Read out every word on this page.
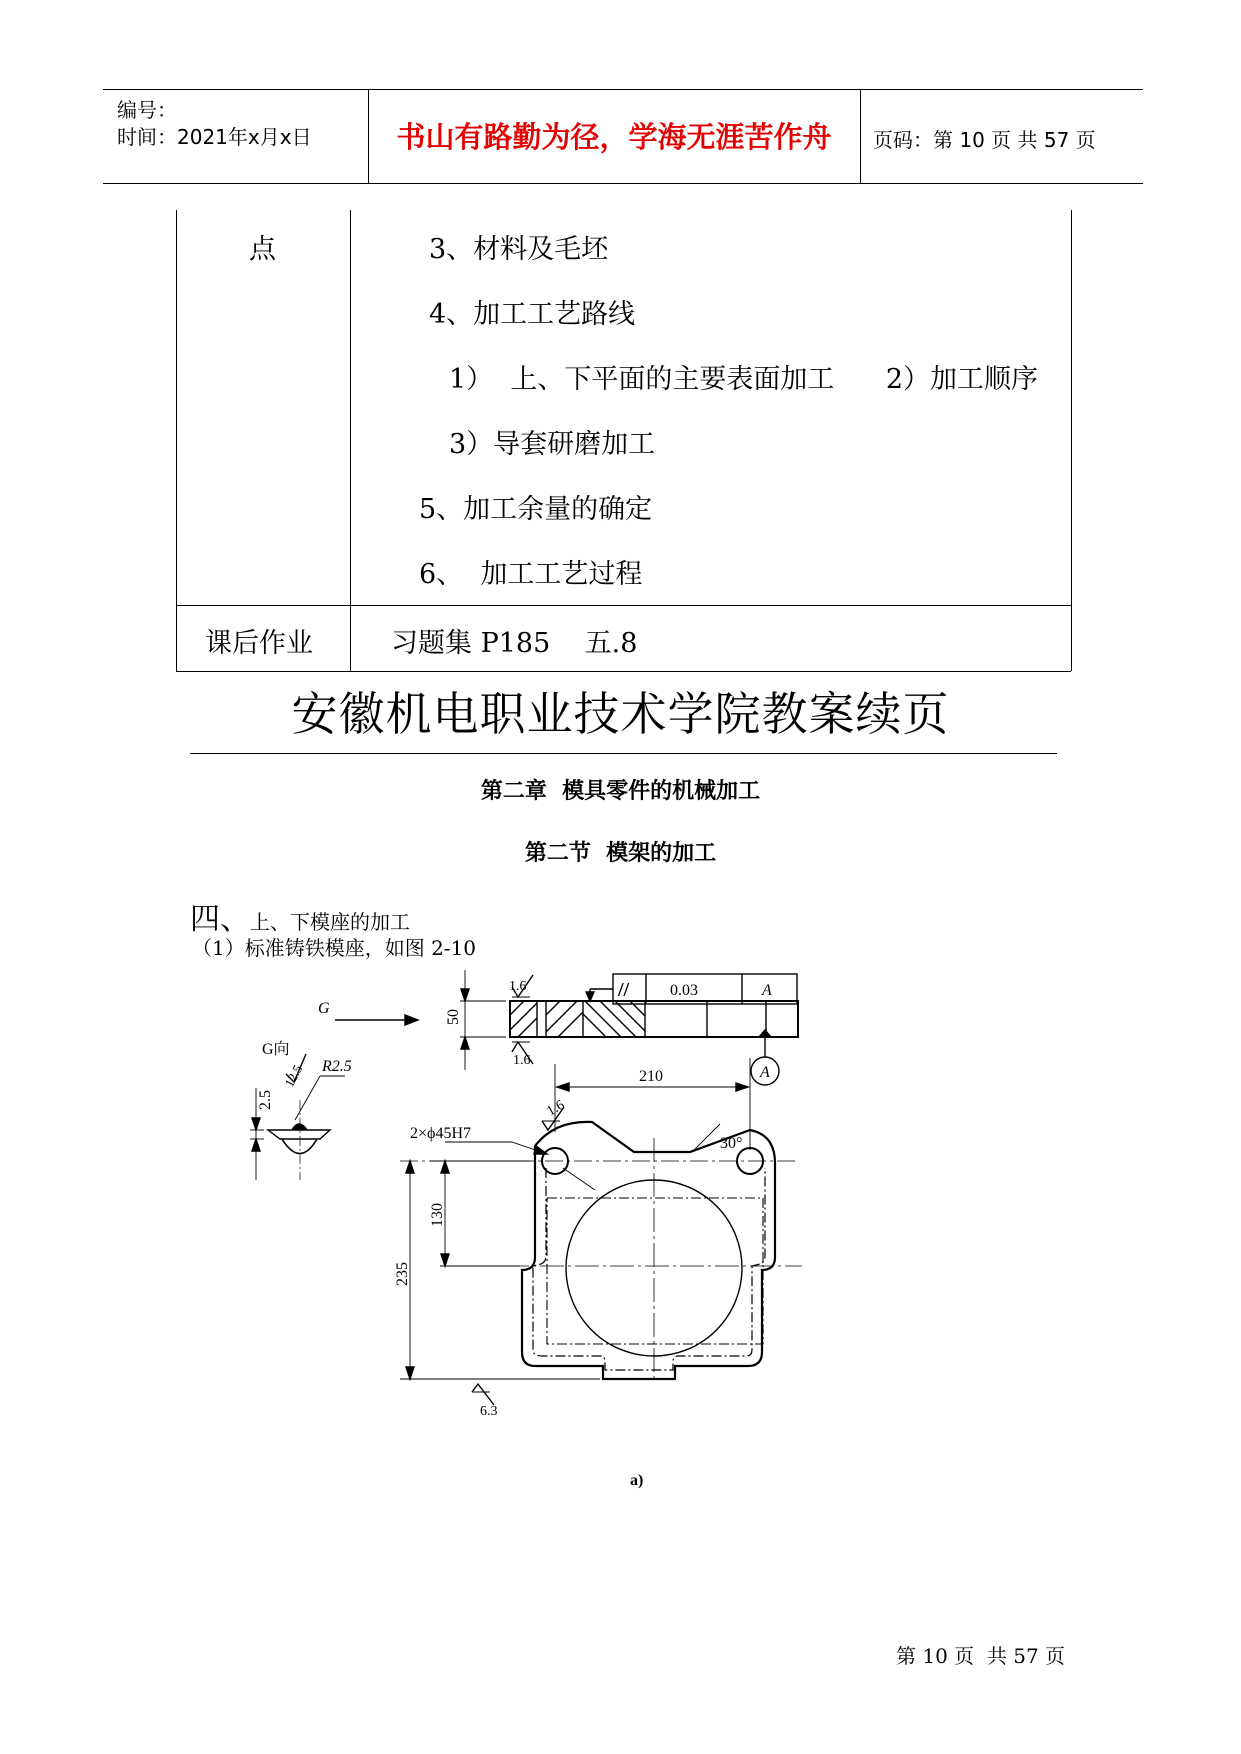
编号：
时间：2021年x月x日	书山有路勤为径，学海无涯苦作舟	页码：第 10 页 共 57 页
点	3、材料及毛坯
4、加工工艺路线
1）  上、下平面的主要表面加工      2）加工顺序
3）导套研磨加工
5、加工余量的确定
6、  加工工艺过程
课后作业	习题集 P185    五.8
安徽机电职业技术学院教案续页
第二章  模具零件的机械加工
第二节  模架的加工
四、上、下模座的加工
（1）标准铸铁模座，如图 2-10
G
G向
50
1.6
1.6
//	0.03	A
A
210
2×ϕ45H7
1.6
30°
130
235
6.3
2.5
12.5 R2.5
a)
第 10 页  共 57 页
